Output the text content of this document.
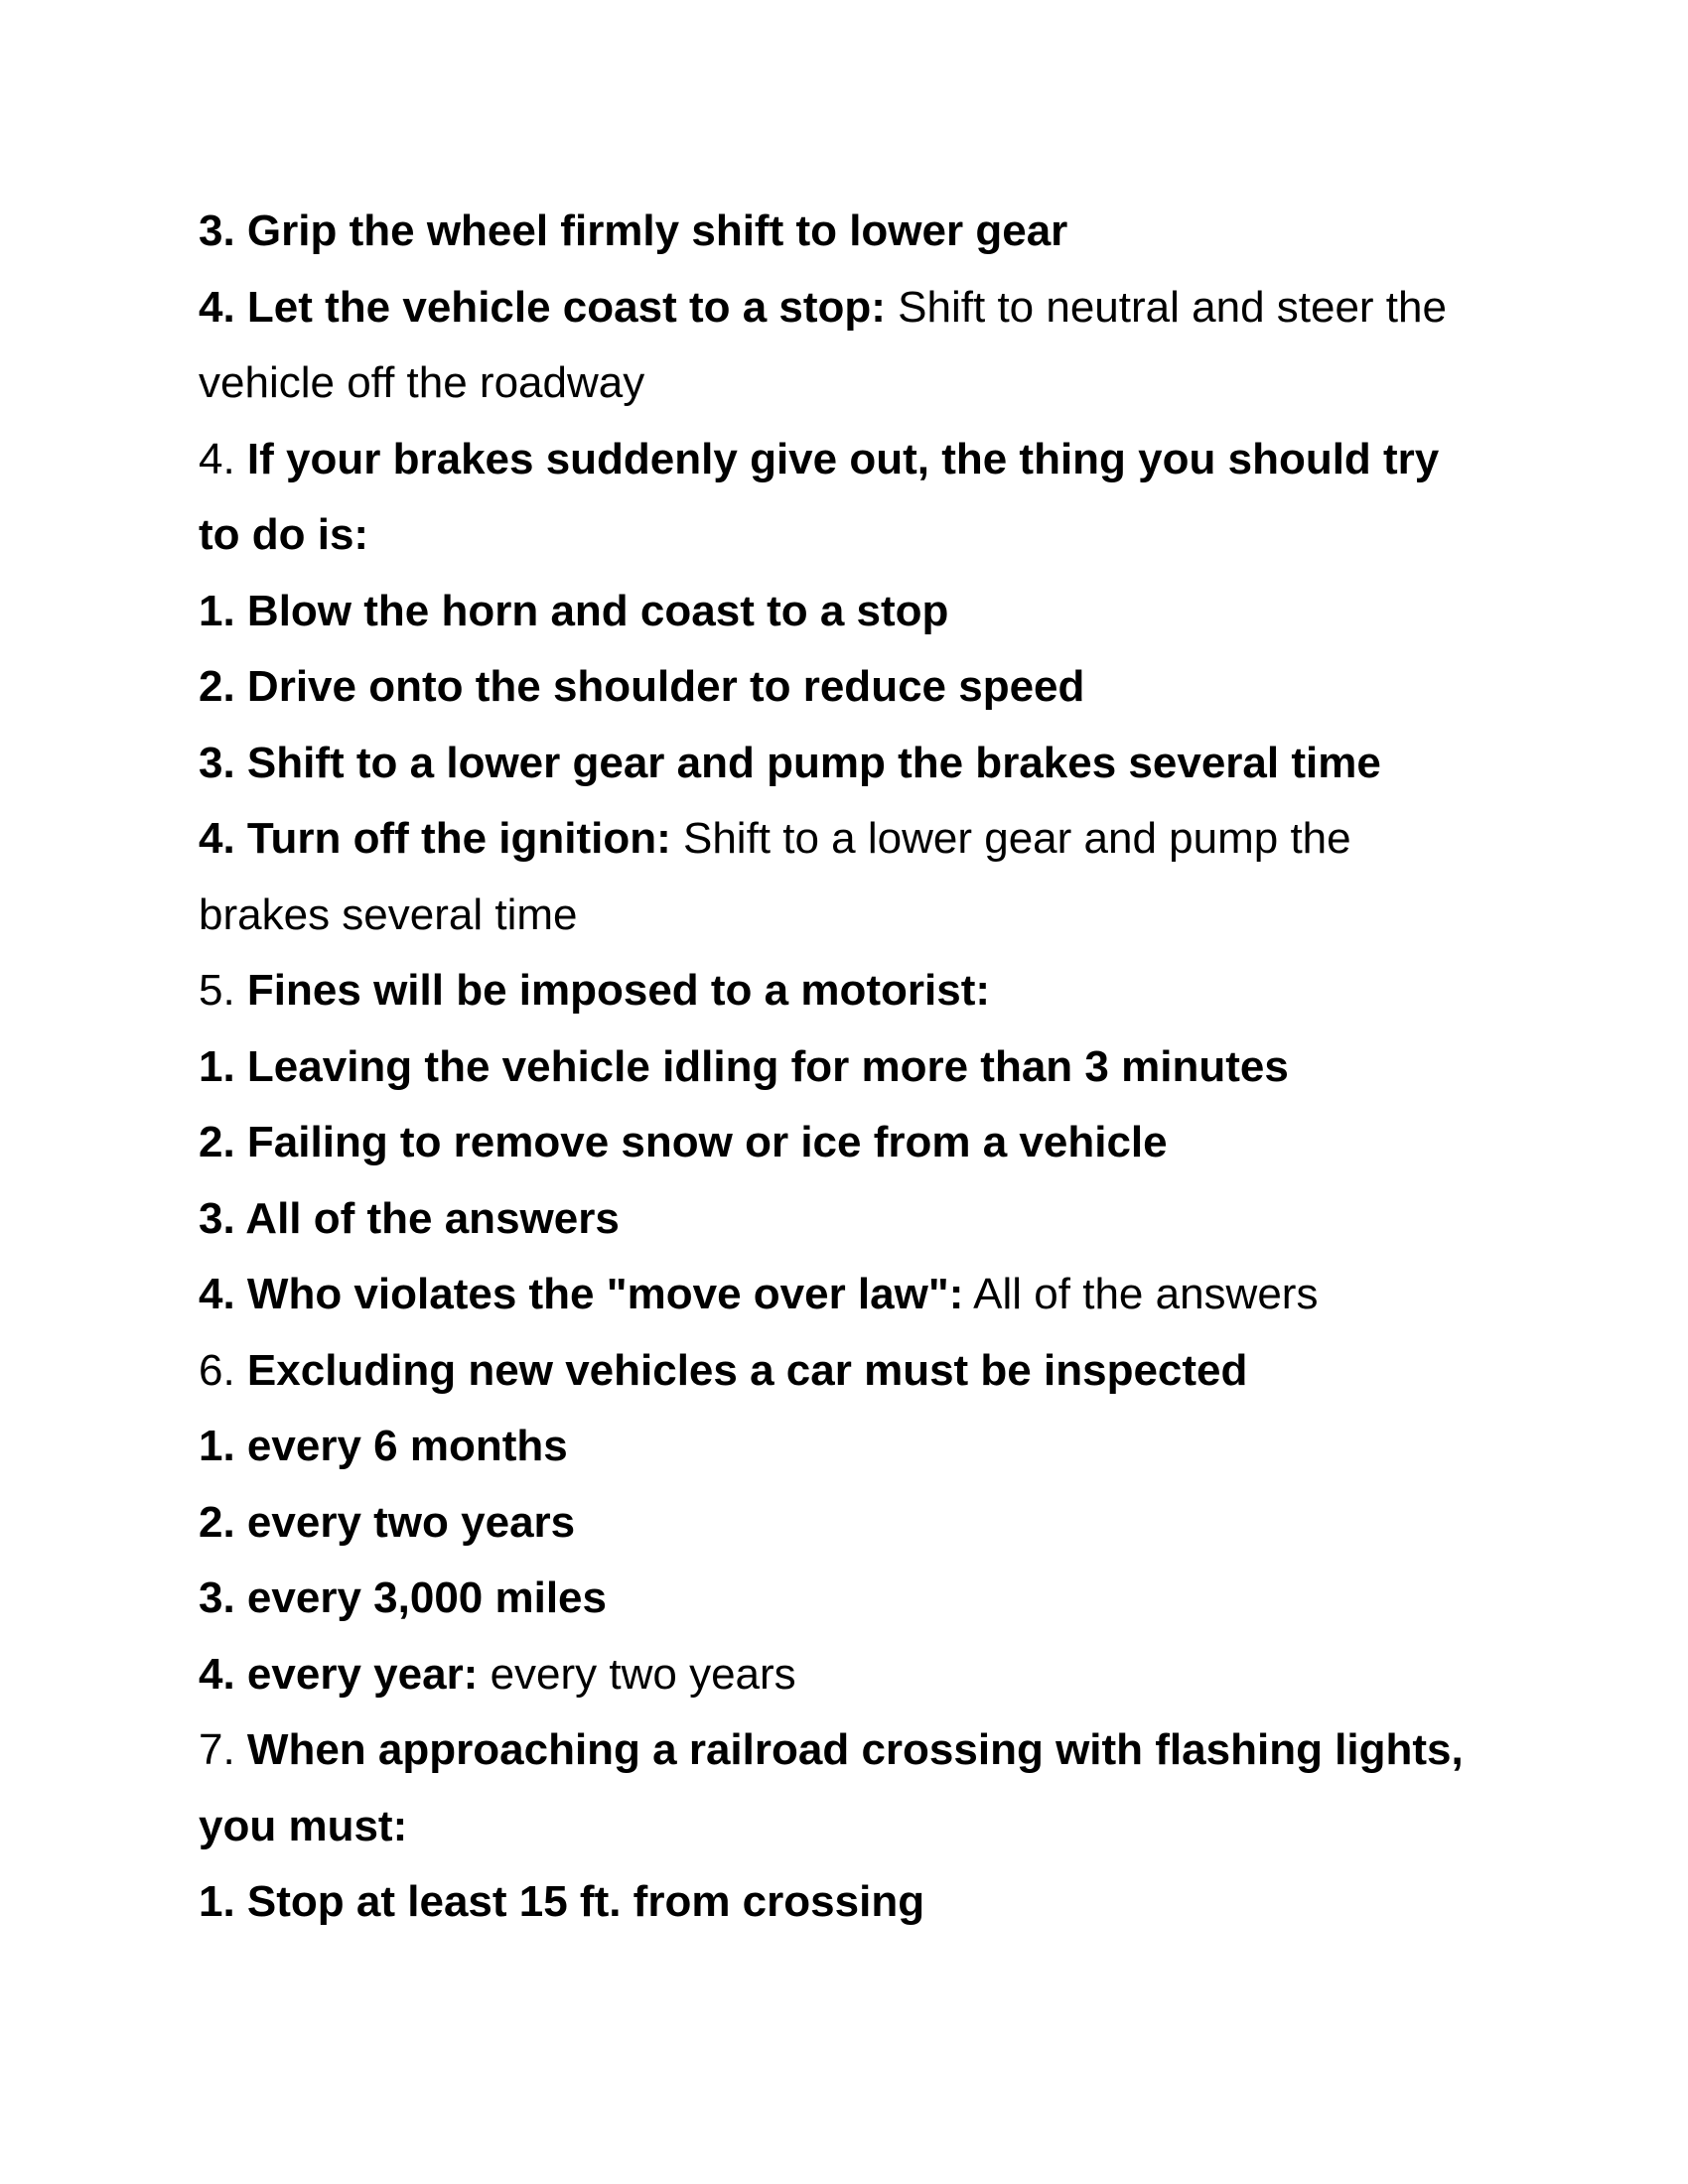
3. Grip the wheel firmly shift to lower gear
4. Let the vehicle coast to a stop: Shift to neutral and steer the
vehicle off the roadway
4. If your brakes suddenly give out, the thing you should try
to do is:
1. Blow the horn and coast to a stop
2. Drive onto the shoulder to reduce speed
3. Shift to a lower gear and pump the brakes several time
4. Turn off the ignition: Shift to a lower gear and pump the
brakes several time
5. Fines will be imposed to a motorist:
1. Leaving the vehicle idling for more than 3 minutes
2. Failing to remove snow or ice from a vehicle
3. All of the answers
4. Who violates the "move over law": All of the answers
6. Excluding new vehicles a car must be inspected
1. every 6 months
2. every two years
3. every 3,000 miles
4. every year: every two years
7. When approaching a railroad crossing with flashing lights,
you must:
1. Stop at least 15 ft. from crossing
